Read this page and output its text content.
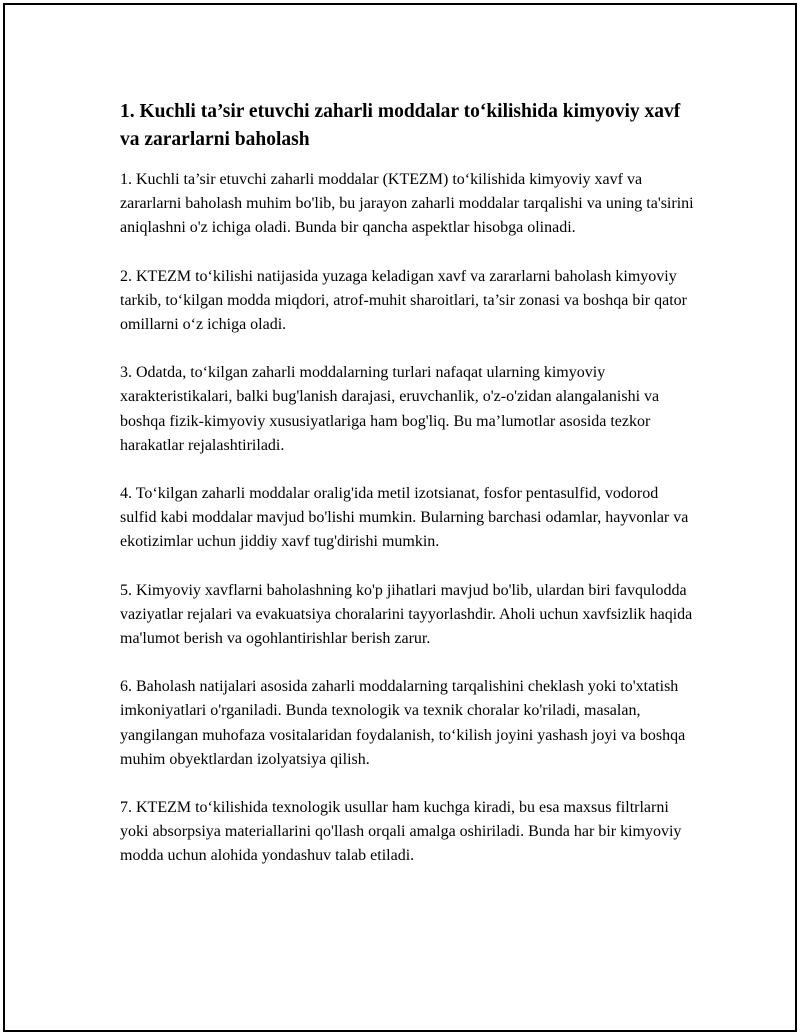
1. Kuchli ta’sir etuvchi zaharli moddalar to‘kilishida kimyoviy xavf va zararlarni baholash

1. Kuchli ta’sir etuvchi zaharli moddalar (KTEZM) to‘kilishida kimyoviy xavf va zararlarni baholash muhim bo'lib, bu jarayon zaharli moddalar tarqalishi va uning ta'sirini aniqlashni o'z ichiga oladi. Bunda bir qancha aspektlar hisobga olinadi.

2. KTEZM to‘kilishi natijasida yuzaga keladigan xavf va zararlarni baholash kimyoviy tarkib, to‘kilgan modda miqdori, atrof-muhit sharoitlari, ta’sir zonasi va boshqa bir qator omillarni o‘z ichiga oladi.

3. Odatda, to‘kilgan zaharli moddalarning turlari nafaqat ularning kimyoviy xarakteristikalari, balki bug'lanish darajasi, eruvchanlik, o'z-o'zidan alangalanishi va boshqa fizik-kimyoviy xususiyatlariga ham bog'liq. Bu ma’lumotlar asosida tezkor harakatlar rejalashtiriladi.

4. To‘kilgan zaharli moddalar oralig'ida metil izotsianat, fosfor pentasulfid, vodorod sulfid kabi moddalar mavjud bo'lishi mumkin. Bularning barchasi odamlar, hayvonlar va ekotizimlar uchun jiddiy xavf tug'dirishi mumkin.

5. Kimyoviy xavflarni baholashning ko'p jihatlari mavjud bo'lib, ulardan biri favqulodda vaziyatlar rejalari va evakuatsiya choralarini tayyorlashdir. Aholi uchun xavfsizlik haqida ma'lumot berish va ogohlantirishlar berish zarur.

6. Baholash natijalari asosida zaharli moddalarning tarqalishini cheklash yoki to'xtatish imkoniyatlari o'rganiladi. Bunda texnologik va texnik choralar ko'riladi, masalan, yangilangan muhofaza vositalaridan foydalanish, to‘kilish joyini yashash joyi va boshqa muhim obyektlardan izolyatsiya qilish.

7. KTEZM to‘kilishida texnologik usullar ham kuchga kiradi, bu esa maxsus filtrlarni yoki absorpsiya materiallarini qo'llash orqali amalga oshiriladi. Bunda har bir kimyoviy modda uchun alohida yondashuv talab etiladi.
